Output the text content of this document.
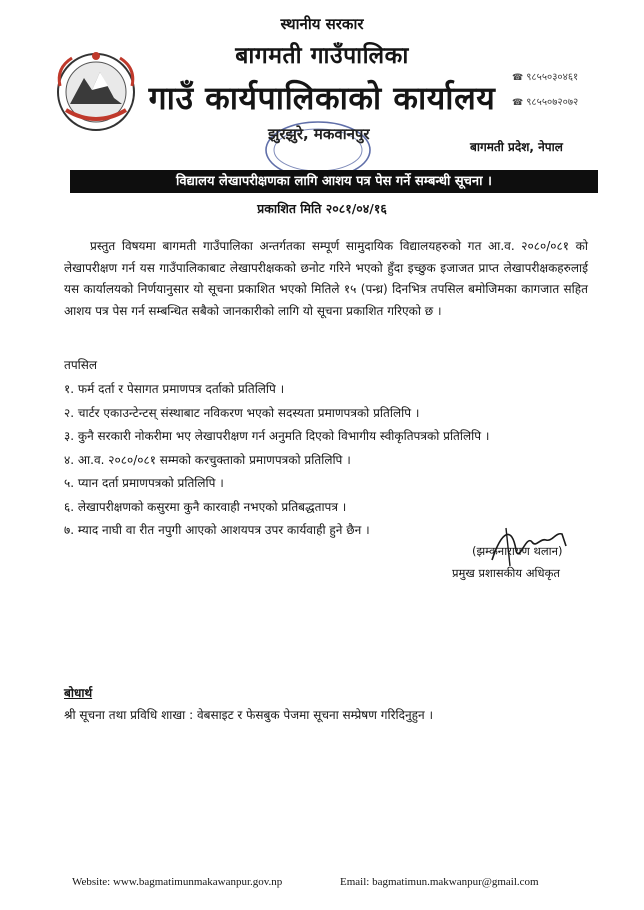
स्थानीय सरकार
बागमती गाउँपालिका
गाउँ कार्यपालिकाको कार्यालय
☎ ९८५५०३०४६१
☎ ९८५५०७२०७२
झुरझुरे, मकवानपुर
बागमती प्रदेश, नेपाल
विद्यालय लेखापरीक्षणका लागि आशय पत्र पेस गर्ने सम्बन्धी सूचना ।
प्रकाशित मिति २०८१/०४/१६
प्रस्तुत विषयमा बागमती गाउँपालिका अन्तर्गतका सम्पूर्ण सामुदायिक विद्यालयहरुको गत आ.व. २०८०/०८१ को लेखापरीक्षण गर्न यस गाउँपालिकाबाट लेखापरीक्षकको छनोट गरिने भएको हुँदा इच्छुक इजाजत प्राप्त लेखापरीक्षकहरुलाई यस कार्यालयको निर्णयानुसार यो सूचना प्रकाशित भएको मितिले १५ (पन्ध्र) दिनभित्र तपसिल बमोजिमका कागजात सहित आशय पत्र पेस गर्न सम्बन्धित सबैको जानकारीको लागि यो सूचना प्रकाशित गरिएको छ ।
तपसिल
१. फर्म दर्ता र पेसागत प्रमाणपत्र दर्ताको प्रतिलिपि ।
२. चार्टर एकाउन्टेन्टस् संस्थाबाट नविकरण भएको सदस्यता प्रमाणपत्रको प्रतिलिपि ।
३. कुनै सरकारी नोकरीमा भए लेखापरीक्षण गर्न अनुमति दिएको विभागीय स्वीकृतिपत्रको प्रतिलिपि ।
४. आ.व. २०८०/०८१ सम्मको करचुक्ताको प्रमाणपत्रको प्रतिलिपि ।
५. प्यान दर्ता प्रमाणपत्रको प्रतिलिपि ।
६. लेखापरीक्षणको कसुरमा कुनै कारवाही नभएको प्रतिबद्धतापत्र ।
७. म्याद नाघी वा रीत नपुगी आएको आशयपत्र उपर कार्यवाही हुने छैन ।
(झम्कनारायण थलान)
प्रमुख प्रशासकीय अधिकृत
बोधार्थ
श्री सूचना तथा प्रविधि शाखा : वेबसाइट र फेसबुक पेजमा सूचना सम्प्रेषण गरिदिनुहुन ।
Website: www.bagmatimunmakawanpur.gov.np	Email: bagmatimun.makwanpur@gmail.com
